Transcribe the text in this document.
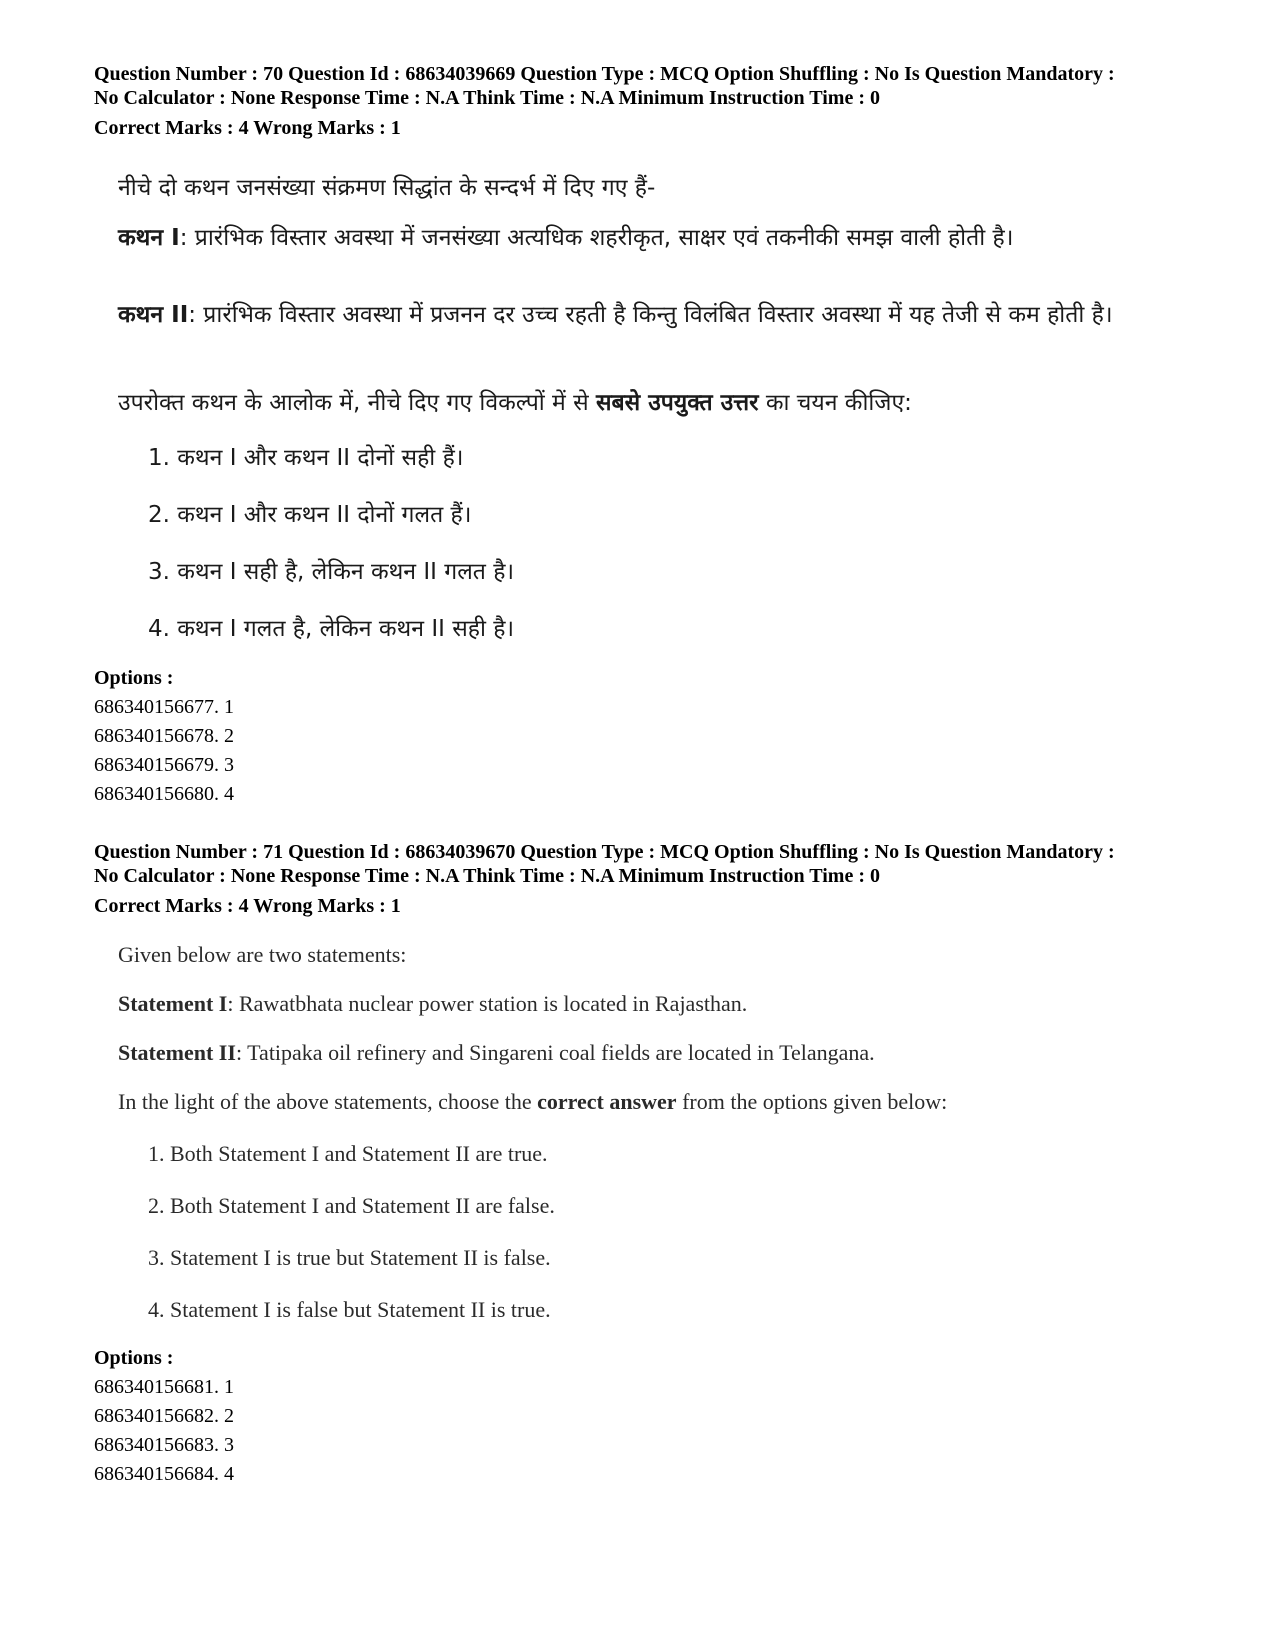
Question Number : 70 Question Id : 68634039669 Question Type : MCQ Option Shuffling : No Is Question Mandatory :
No Calculator : None Response Time : N.A Think Time : N.A Minimum Instruction Time : 0
Correct Marks : 4 Wrong Marks : 1
नीचे दो कथन जनसंख्या संक्रमण सिद्धांत के सन्दर्भ में दिए गए हैं-
कथन I: प्रारंभिक विस्तार अवस्था में जनसंख्या अत्यधिक शहरीकृत, साक्षर एवं तकनीकी समझ वाली होती है।
कथन II: प्रारंभिक विस्तार अवस्था में प्रजनन दर उच्च रहती है किन्तु विलंबित विस्तार अवस्था में यह तेजी से कम होती है।
उपरोक्त कथन के आलोक में, नीचे दिए गए विकल्पों में से सबसे उपयुक्त उत्तर का चयन कीजिए:
1. कथन I और कथन II दोनों सही हैं।
2. कथन I और कथन II दोनों गलत हैं।
3. कथन I सही है, लेकिन कथन II गलत है।
4. कथन I गलत है, लेकिन कथन II सही है।
Options :
686340156677. 1
686340156678. 2
686340156679. 3
686340156680. 4
Question Number : 71 Question Id : 68634039670 Question Type : MCQ Option Shuffling : No Is Question Mandatory :
No Calculator : None Response Time : N.A Think Time : N.A Minimum Instruction Time : 0
Correct Marks : 4 Wrong Marks : 1
Given below are two statements:
Statement I: Rawatbhata nuclear power station is located in Rajasthan.
Statement II: Tatipaka oil refinery and Singareni coal fields are located in Telangana.
In the light of the above statements, choose the correct answer from the options given below:
1. Both Statement I and Statement II are true.
2. Both Statement I and Statement II are false.
3. Statement I is true but Statement II is false.
4. Statement I is false but Statement II is true.
Options :
686340156681. 1
686340156682. 2
686340156683. 3
686340156684. 4
